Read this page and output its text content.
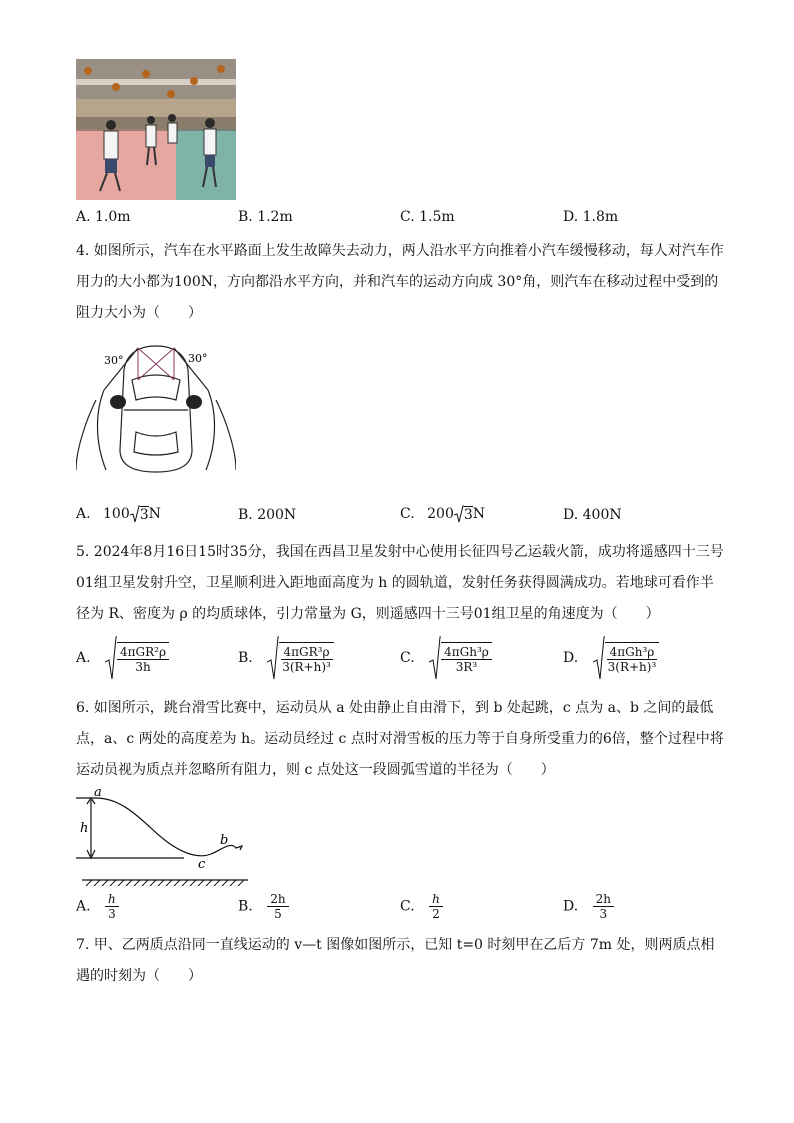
A. 1.0m	B. 1.2m	C. 1.5m	D. 1.8m
4. 如图所示，汽车在水平路面上发生故障失去动力，两人沿水平方向推着小汽车缓慢移动，每人对汽车作用力的大小都为100N，方向都沿水平方向，并和汽车的运动方向成 30°角，则汽车在移动过程中受到的阻力大小为（　　）
30°	30°
A. 100 3 N	B. 200N	C. 200 3 N	D. 400N
5. 2024年8月16日15时35分，我国在西昌卫星发射中心使用长征四号乙运载火箭，成功将遥感四十三号01组卫星发射升空，卫星顺利进入距地面高度为 h 的圆轨道，发射任务获得圆满成功。若地球可看作半径为 R、密度为 ρ 的均质球体，引力常量为 G，则遥感四十三号01组卫星的角速度为（　　）
A. $\frac{\text{4πGR²ρ}}{3h}$	B. $\frac{\text{4πGR³ρ}}{\text{3(R+h)³}}$	C. $\frac{\text{4πGh³ρ}}{\text{3R³}}$	D. $\frac{\text{4πGh³ρ}}{\text{3(R+h)³}}$
6. 如图所示，跳台滑雪比赛中，运动员从 a 处由静止自由滑下，到 b 处起跳，c 点为 a、b 之间的最低点，a、c 两处的高度差为 h。运动员经过 c 点时对滑雪板的压力等于自身所受重力的6倍，整个过程中将运动员视为质点并忽略所有阻力，则 c 点处这一段圆弧雪道的半径为（　　）
a
h
b
c
A. $\frac{h}{3}$	B. $\frac{2h}{5}$	C. $\frac{h}{2}$	D. $\frac{2h}{3}$
7. 甲、乙两质点沿同一直线运动的 v—t 图像如图所示，已知 t=0 时刻甲在乙后方 7m 处，则两质点相遇的时刻为（　　）
